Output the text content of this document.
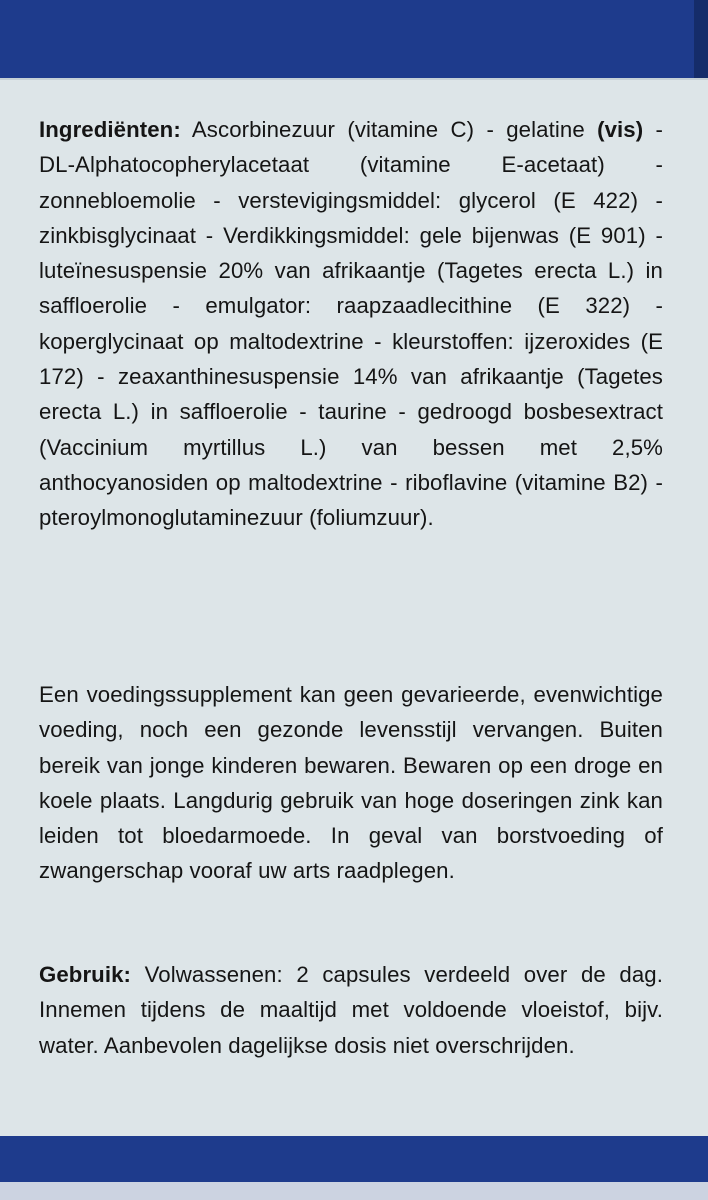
Ingrediënten: Ascorbinezuur (vitamine C) - gelatine (vis) - DL-Alphatocopherylacetaat (vitamine E-acetaat) - zonnebloemolie - verstevigingsmiddel: glycerol (E 422) - zinkbisglycinaat - Verdikkingsmiddel: gele bijenwas (E 901) - luteïnesuspensie 20% van afrikaantje (Tagetes erecta L.) in saffloerolie - emulgator: raapzaadlecithine (E 322) - koperglycinaat op maltodextrine - kleurstoffen: ijzeroxides (E 172) - zeaxanthinesuspensie 14% van afrikaantje (Tagetes erecta L.) in saffloerolie - taurine - gedroogd bosbesextract (Vaccinium myrtillus L.) van bessen met 2,5% anthocyanosiden op maltodextrine - riboflavine (vitamine B2) - pteroylmonoglutaminezuur (foliumzuur).

Een voedingssupplement kan geen gevarieerde, evenwichtige voeding, noch een gezonde levensstijl vervangen. Buiten bereik van jonge kinderen bewaren. Bewaren op een droge en koele plaats. Langdurig gebruik van hoge doseringen zink kan leiden tot bloedarmoede. In geval van borstvoeding of zwangerschap vooraf uw arts raadplegen.

Gebruik: Volwassenen: 2 capsules verdeeld over de dag. Innemen tijdens de maaltijd met voldoende vloeistof, bijv. water. Aanbevolen dagelijkse dosis niet overschrijden.
